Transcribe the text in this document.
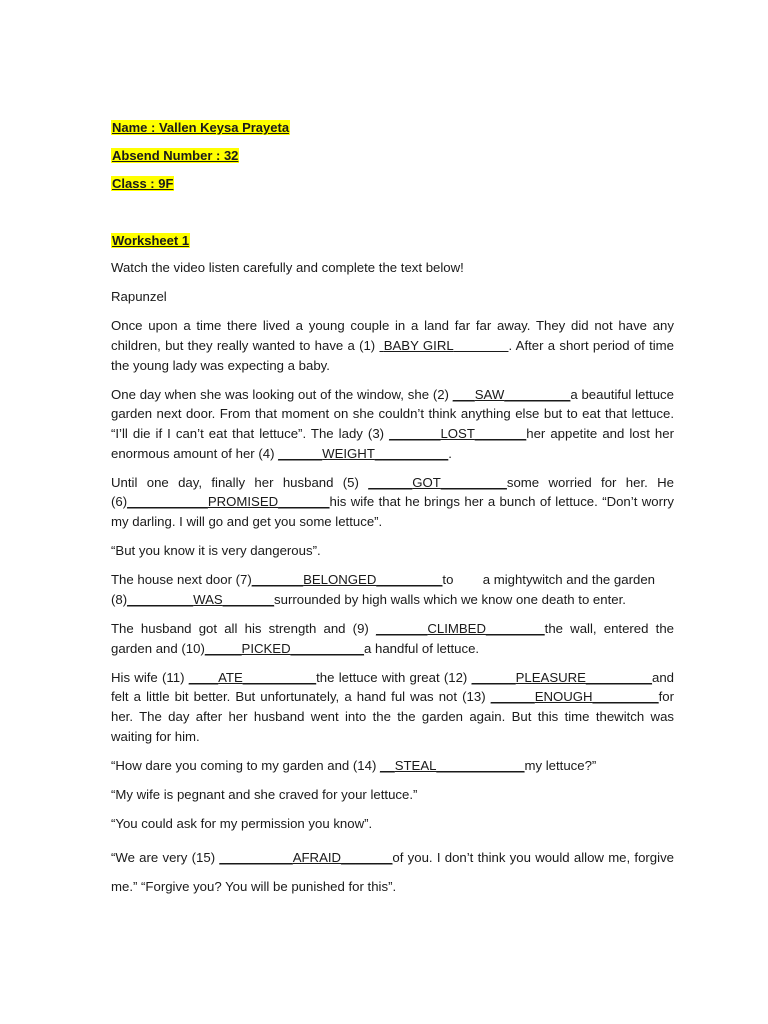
Name : Vallen Keysa Prayeta
Absend Number : 32
Class : 9F
Worksheet 1

Watch the video listen carefully and complete the text below!

Rapunzel

Once upon a time there lived a young couple in a land far far away. They did not have any children, but they really wanted to have a (1)  BABY GIRL	. After a short period of time the young lady was expecting a baby.

One day when she was looking out of the window, she (2) ___SAW_________a beautiful lettuce garden next door. From that moment on she couldn’t think anything else but to eat that lettuce. “I’ll die if I can’t eat that lettuce”. The lady (3) _______LOST_______her appetite and lost her enormous amount of her (4) ______WEIGHT__________.

Until one day, finally her husband (5) ______GOT_________some worried for her. He (6)___________PROMISED_______his wife that he brings her a bunch of lettuce. “Don’t worry my darling. I will go and get you some lettuce”.

“But you know it is very dangerous”.

The house next door (7)_______BELONGED_________to a mightywitch and the garden
(8)_________WAS_______surrounded by high walls which we know one death to enter.

The husband got all his strength and (9) _______CLIMBED________the wall, entered the garden and (10)_____PICKED__________a handful of lettuce.

His wife (11) ____ATE__________the lettuce with great (12) ______PLEASURE_________and felt a little bit better. But unfortunately, a hand ful was not (13) ______ENOUGH_________for her. The day after her husband went into the the garden again. But this time thewitch was waiting for him.

“How dare you coming to my garden and (14) __STEAL____________my lettuce?”

“My wife is pegnant and she craved for your lettuce.”

“You could ask for my permission you know”.

“We are very (15) __________AFRAID_______of you. I don’t think you would allow me, forgive me.” “Forgive you? You will be punished for this”.
